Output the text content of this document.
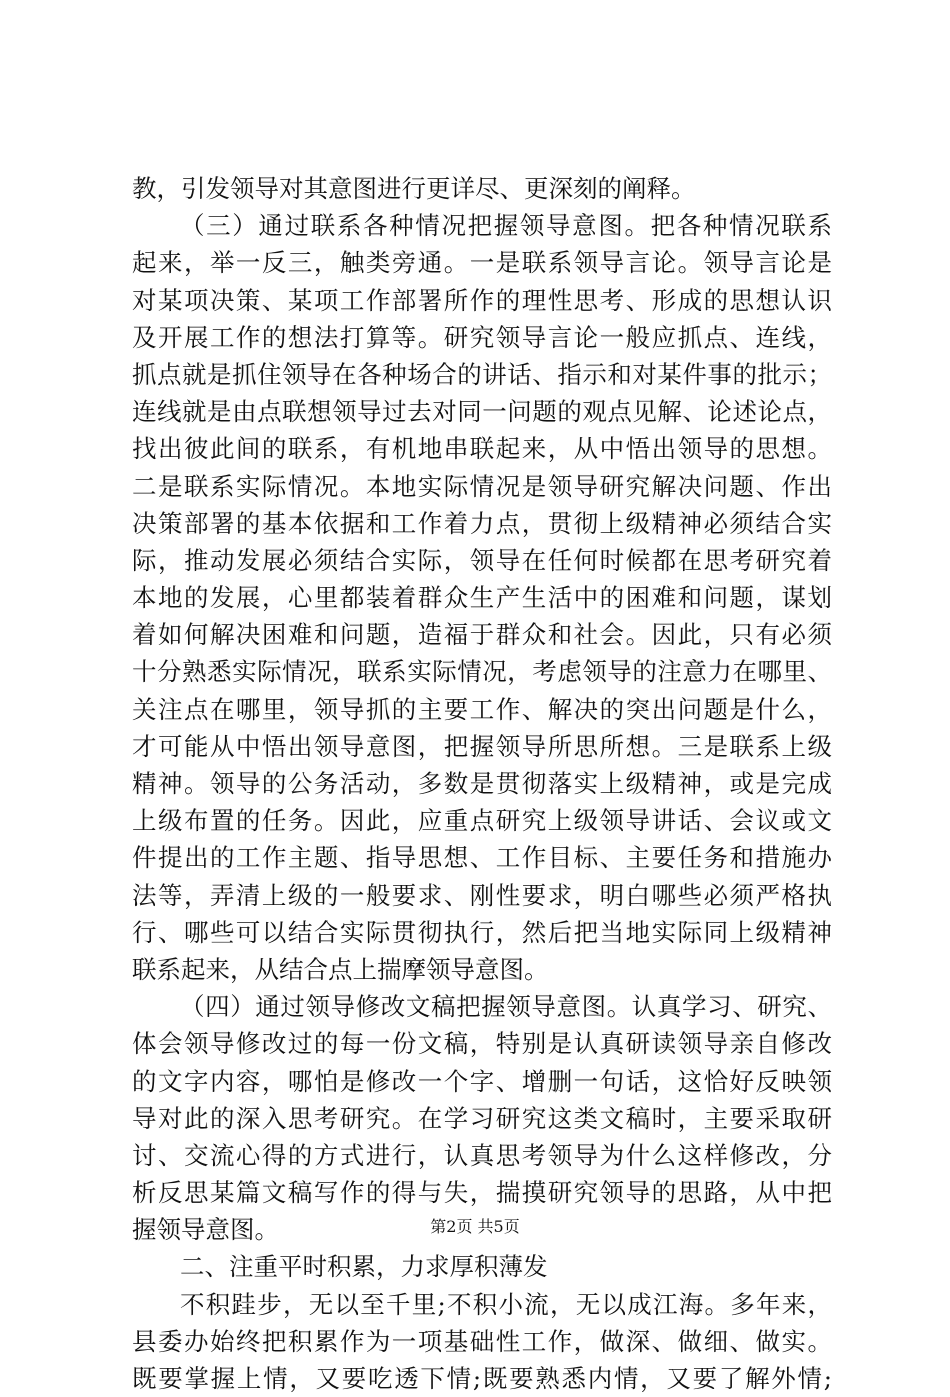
教，引发领导对其意图进行更详尽、更深刻的阐释。
（三）通过联系各种情况把握领导意图。把各种情况联系
起来，举一反三，触类旁通。一是联系领导言论。领导言论是
对某项决策、某项工作部署所作的理性思考、形成的思想认识
及开展工作的想法打算等。研究领导言论一般应抓点、连线，
抓点就是抓住领导在各种场合的讲话、指示和对某件事的批示；
连线就是由点联想领导过去对同一问题的观点见解、论述论点，
找出彼此间的联系，有机地串联起来，从中悟出领导的思想。
二是联系实际情况。本地实际情况是领导研究解决问题、作出
决策部署的基本依据和工作着力点，贯彻上级精神必须结合实
际，推动发展必须结合实际，领导在任何时候都在思考研究着
本地的发展，心里都装着群众生产生活中的困难和问题，谋划
着如何解决困难和问题，造福于群众和社会。因此，只有必须
十分熟悉实际情况，联系实际情况，考虑领导的注意力在哪里、
关注点在哪里，领导抓的主要工作、解决的突出问题是什么，
才可能从中悟出领导意图，把握领导所思所想。三是联系上级
精神。领导的公务活动，多数是贯彻落实上级精神，或是完成
上级布置的任务。因此，应重点研究上级领导讲话、会议或文
件提出的工作主题、指导思想、工作目标、主要任务和措施办
法等，弄清上级的一般要求、刚性要求，明白哪些必须严格执
行、哪些可以结合实际贯彻执行，然后把当地实际同上级精神
联系起来，从结合点上揣摩领导意图。
（四）通过领导修改文稿把握领导意图。认真学习、研究、
体会领导修改过的每一份文稿，特别是认真研读领导亲自修改
的文字内容，哪怕是修改一个字、增删一句话，这恰好反映领
导对此的深入思考研究。在学习研究这类文稿时，主要采取研
讨、交流心得的方式进行，认真思考领导为什么这样修改，分
析反思某篇文稿写作的得与失，揣摸研究领导的思路，从中把
握领导意图。
二、注重平时积累，力求厚积薄发
不积跬步，无以至千里;不积小流，无以成江海。多年来，
县委办始终把积累作为一项基础性工作，做深、做细、做实。
既要掌握上情，又要吃透下情;既要熟悉内情，又要了解外情;
第2页 共5页
